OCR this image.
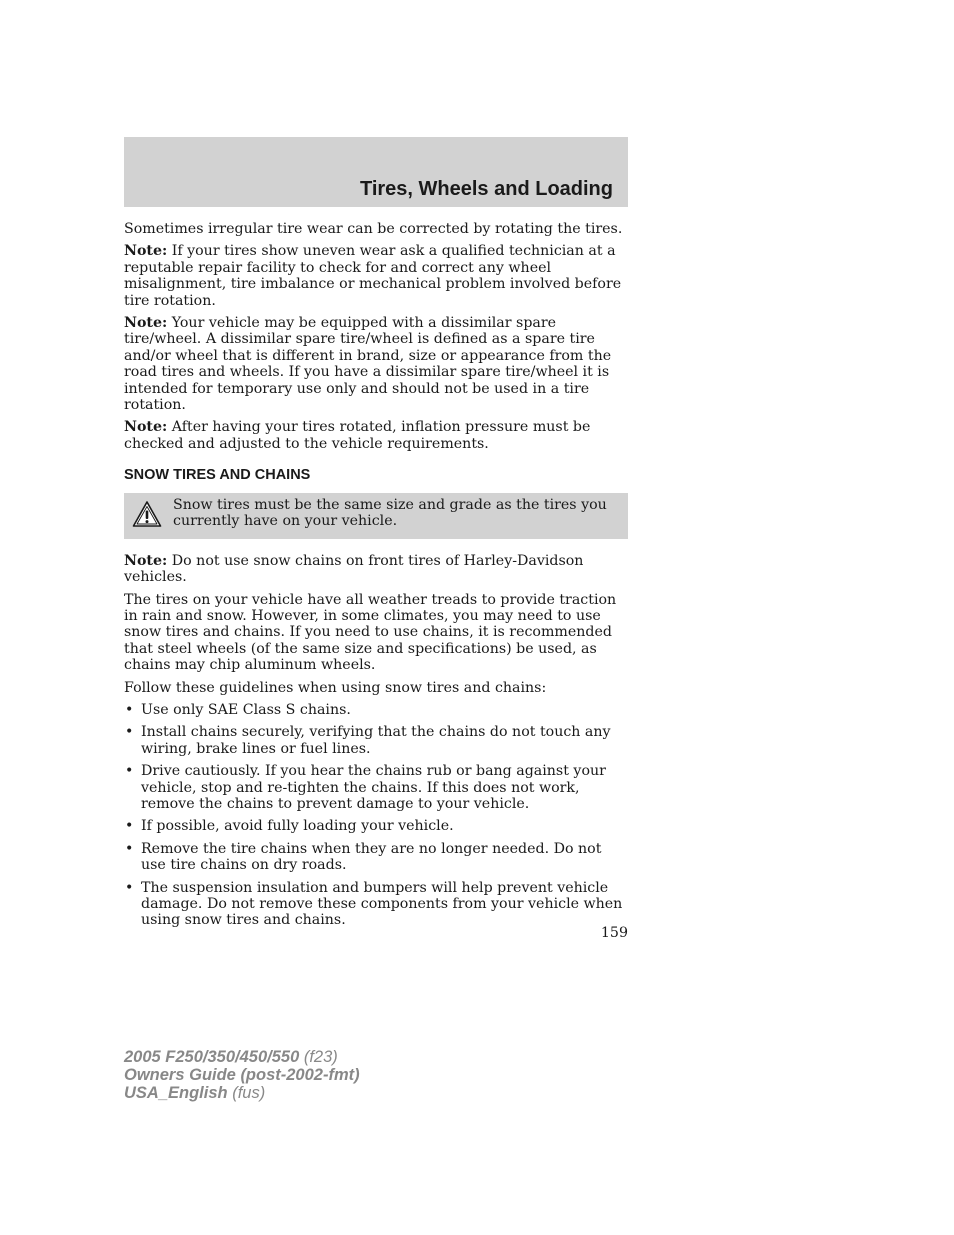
Tires, Wheels and Loading

Sometimes irregular tire wear can be corrected by rotating the tires.

Note: If your tires show uneven wear ask a qualified technician at a reputable repair facility to check for and correct any wheel misalignment, tire imbalance or mechanical problem involved before tire rotation.

Note: Your vehicle may be equipped with a dissimilar spare tire/wheel. A dissimilar spare tire/wheel is defined as a spare tire and/or wheel that is different in brand, size or appearance from the road tires and wheels. If you have a dissimilar spare tire/wheel it is intended for temporary use only and should not be used in a tire rotation.

Note: After having your tires rotated, inflation pressure must be checked and adjusted to the vehicle requirements.

SNOW TIRES AND CHAINS

Snow tires must be the same size and grade as the tires you currently have on your vehicle.

Note: Do not use snow chains on front tires of Harley-Davidson vehicles.

The tires on your vehicle have all weather treads to provide traction in rain and snow. However, in some climates, you may need to use snow tires and chains. If you need to use chains, it is recommended that steel wheels (of the same size and specifications) be used, as chains may chip aluminum wheels.

Follow these guidelines when using snow tires and chains:

• Use only SAE Class S chains.
• Install chains securely, verifying that the chains do not touch any wiring, brake lines or fuel lines.
• Drive cautiously. If you hear the chains rub or bang against your vehicle, stop and re-tighten the chains. If this does not work, remove the chains to prevent damage to your vehicle.
• If possible, avoid fully loading your vehicle.
• Remove the tire chains when they are no longer needed. Do not use tire chains on dry roads.
• The suspension insulation and bumpers will help prevent vehicle damage. Do not remove these components from your vehicle when using snow tires and chains.
159
2005 F250/350/450/550 (f23)
Owners Guide (post-2002-fmt)
USA_English (fus)
